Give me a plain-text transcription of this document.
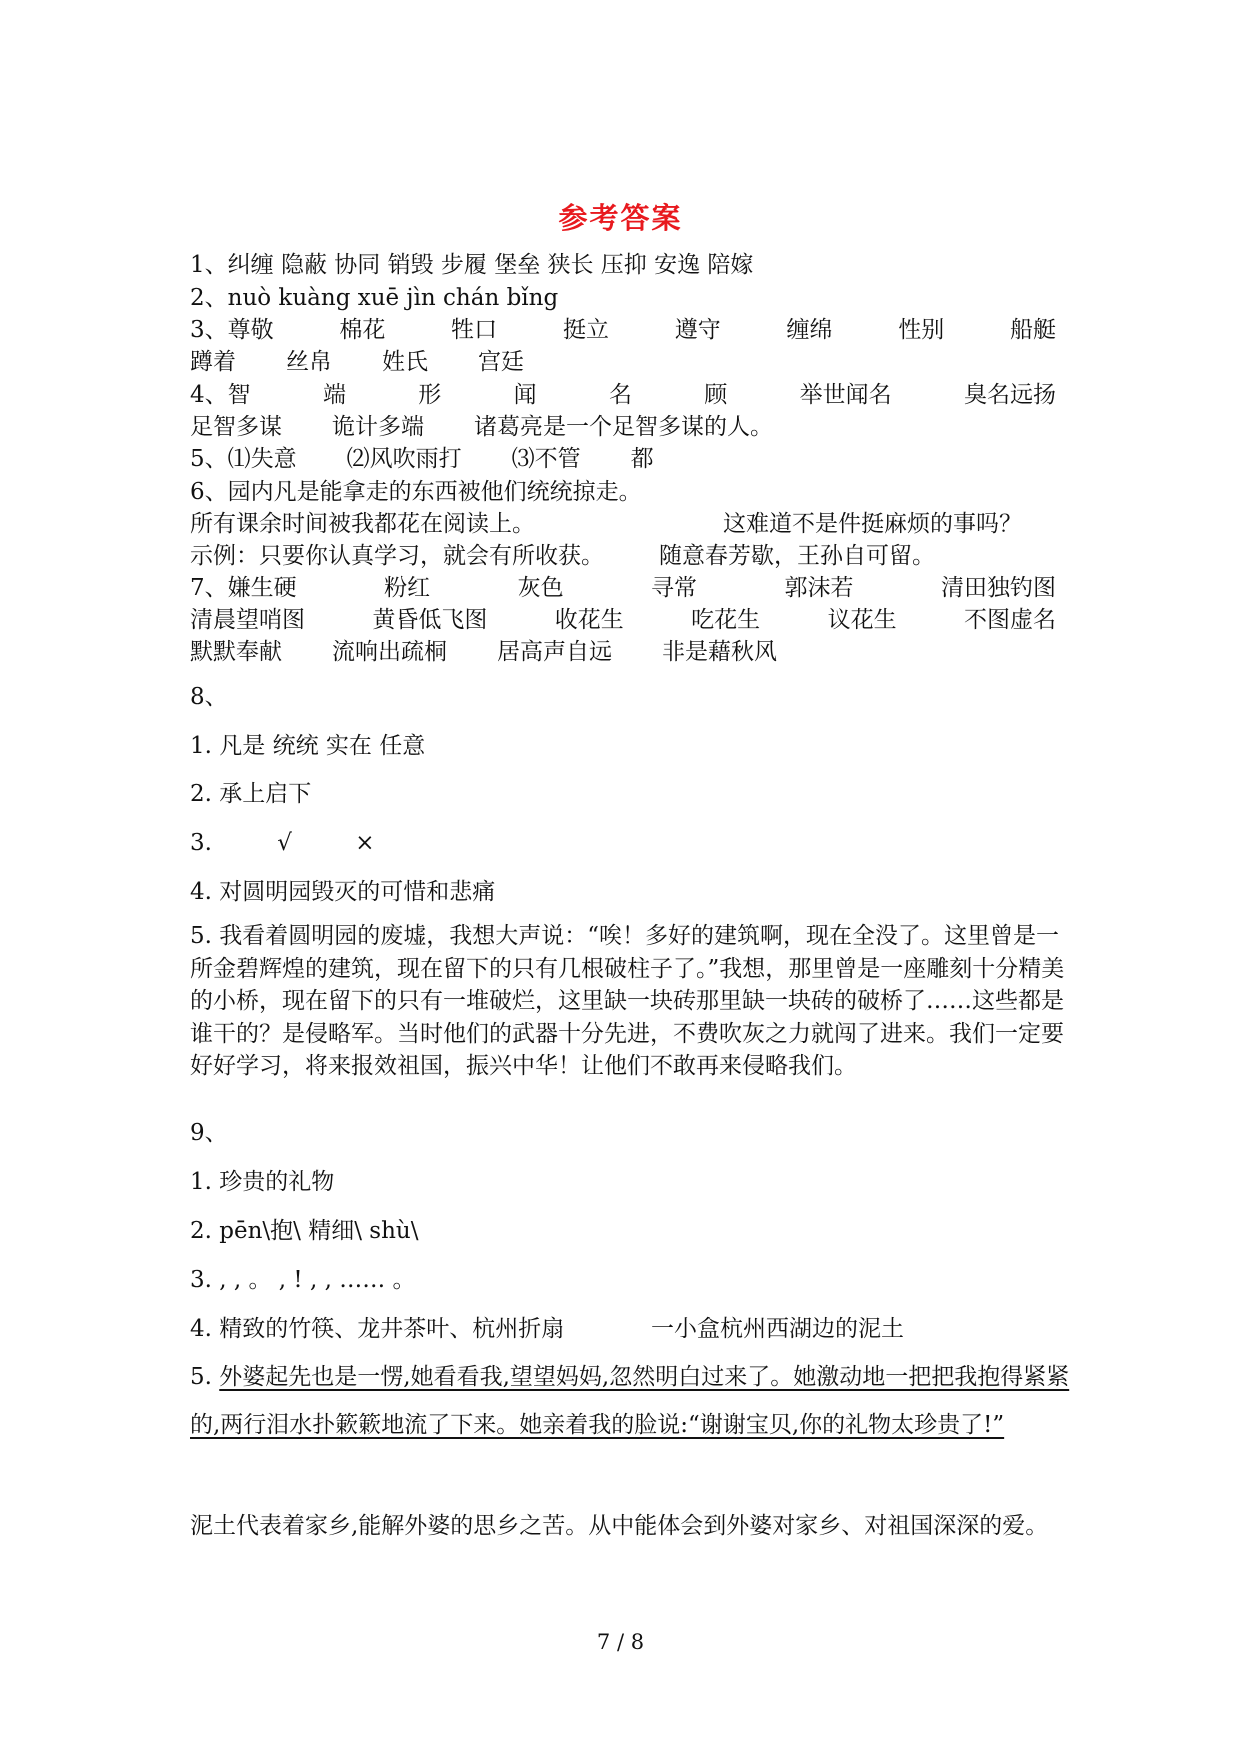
参考答案
1、纠缠 隐蔽 协同 销毁 步履 堡垒 狭长 压抑 安逸 陪嫁
2、nuò kuàng xuē jìn chán bǐng
3、尊敬	棉花	牲口	挺立	遵守	缠绵	性别	船艇
蹲着 丝帛 姓氏 宫廷
4、智	端	形	闻	名	顾	举世闻名	臭名远扬
足智多谋 诡计多端 诸葛亮是一个足智多谋的人。
5、⑴失意 ⑵风吹雨打 ⑶不管 都
6、园内凡是能拿走的东西被他们统统掠走。
所有课余时间被我都花在阅读上。	这难道不是件挺麻烦的事吗？
示例：只要你认真学习，就会有所收获。 随意春芳歇，王孙自可留。
7、嫌生硬	粉红	灰色	寻常	郭沫若	清田独钓图
清晨望哨图	黄昏低飞图	收花生	吃花生	议花生	不图虚名
默默奉献 流响出疏桐 居高声自远 非是藉秋风
8、
1. 凡是 统统 实在 任意
2. 承上启下
3.	√	×
4. 对圆明园毁灭的可惜和悲痛
5. 我看着圆明园的废墟，我想大声说：“唉！多好的建筑啊，现在全没了。这里曾是一所金碧辉煌的建筑，现在留下的只有几根破柱子了。”我想，那里曾是一座雕刻十分精美的小桥，现在留下的只有一堆破烂，这里缺一块砖那里缺一块砖的破桥了……这些都是谁干的？是侵略军。当时他们的武器十分先进，不费吹灰之力就闯了进来。我们一定要好好学习，将来报效祖国，振兴中华！让他们不敢再来侵略我们。
9、
1. 珍贵的礼物
2. pēn\抱\ 精细\ shù\
3. , , 。 , ! , , …… 。
4. 精致的竹筷、龙井茶叶、杭州折扇	一小盒杭州西湖边的泥土
5. 外婆起先也是一愣,她看看我,望望妈妈,忽然明白过来了。她激动地一把把我抱得紧紧的,两行泪水扑簌簌地流了下来。她亲着我的脸说:“谢谢宝贝,你的礼物太珍贵了!”
泥土代表着家乡,能解外婆的思乡之苦。从中能体会到外婆对家乡、对祖国深深的爱。
7 / 8
